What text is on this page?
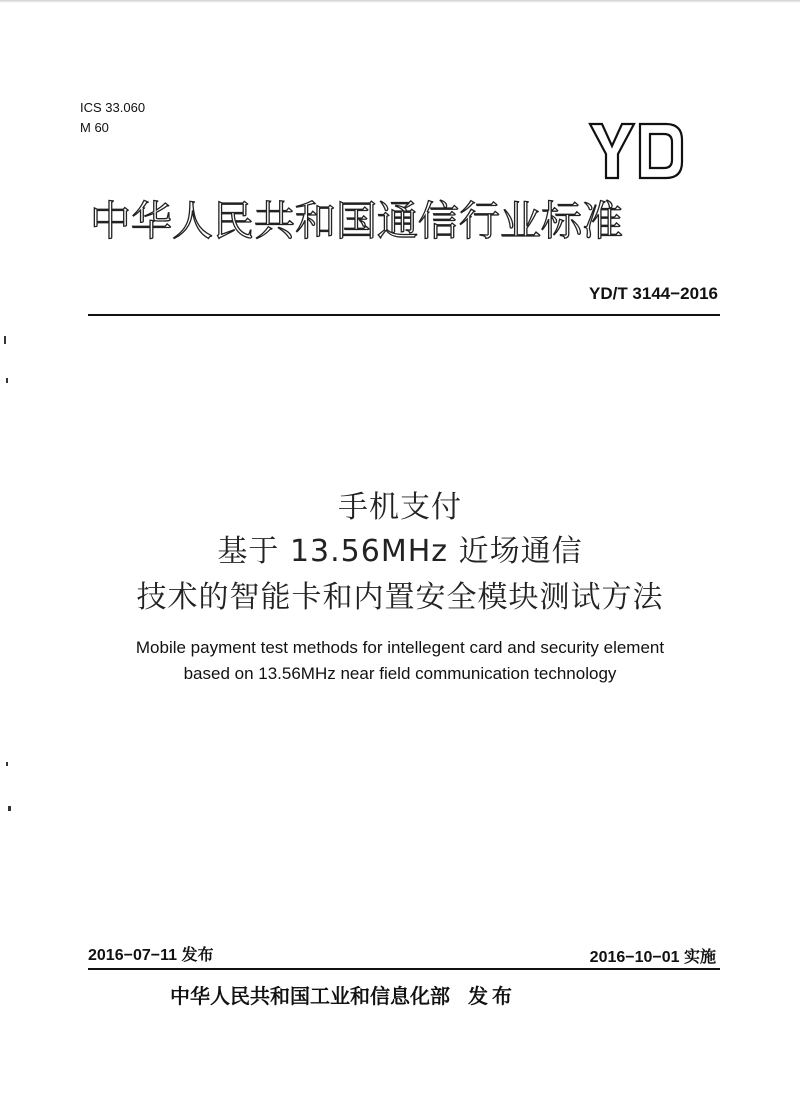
ICS 33.060
M 60
中华人民共和国通信行业标准
YD/T 3144−2016
手机支付
基于 13.56MHz 近场通信
技术的智能卡和内置安全模块测试方法
Mobile payment test methods for intellegent card and security element
based on 13.56MHz near field communication technology
2016−07−11 发布	2016−10−01 实施
中华人民共和国工业和信息化部 发布
